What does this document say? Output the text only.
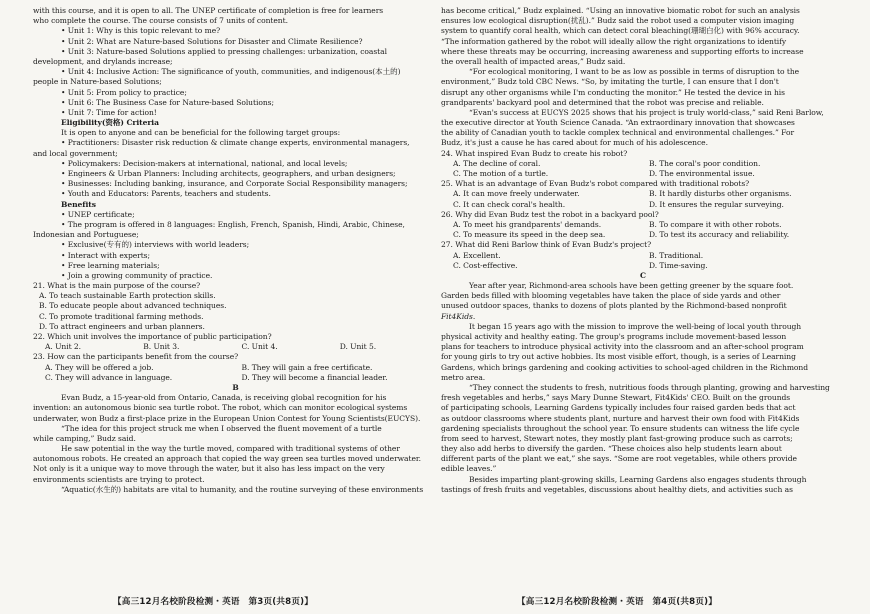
with this course, and it is open to all. The UNEP certificate of completion is free for learners

who complete the course. The course consists of 7 units of content.

• Unit 1: Why is this topic relevant to me?

• Unit 2: What are Nature-based Solutions for Disaster and Climate Resilience?

• Unit 3: Nature-based Solutions applied to pressing challenges: urbanization, coastal

development, and drylands increase;

• Unit 4: Inclusive Action: The significance of youth, communities, and indigenous(本土的)

people in Nature-based Solutions;

• Unit 5: From policy to practice;

• Unit 6: The Business Case for Nature-based Solutions;

• Unit 7: Time for action!

Eligibility(资格) Criteria

It is open to anyone and can be beneficial for the following target groups:

• Practitioners: Disaster risk reduction & climate change experts, environmental managers,

and local government;

• Policymakers: Decision-makers at international, national, and local levels;

• Engineers & Urban Planners: Including architects, geographers, and urban designers;

• Businesses: Including banking, insurance, and Corporate Social Responsibility managers;

• Youth and Educators: Parents, teachers and students.

Benefits

• UNEP certificate;

• The program is offered in 8 languages: English, French, Spanish, Hindi, Arabic, Chinese,

Indonesian and Portuguese;

• Exclusive(专有的) interviews with world leaders;

• Interact with experts;

• Free learning materials;

• Join a growing community of practice.

21. What is the main purpose of the course?

A. To teach sustainable Earth protection skills.

B. To educate people about advanced techniques.

C. To promote traditional farming methods.

D. To attract engineers and urban planners.

22. Which unit involves the importance of public participation?

A. Unit 2.	B. Unit 3.	C. Unit 4.	D. Unit 5.

23. How can the participants benefit from the course?

A. They will be offered a job.	B. They will gain a free certificate.
C. They will advance in language.	D. They will become a financial leader.

B

Evan Budz, a 15-year-old from Ontario, Canada, is receiving global recognition for his

invention: an autonomous bionic sea turtle robot. The robot, which can monitor ecological systems

underwater, won Budz a first-place prize in the European Union Contest for Young Scientists(EUCYS).

“The idea for this project struck me when I observed the fluent movement of a turtle

while camping,” Budz said.

He saw potential in the way the turtle moved, compared with traditional systems of other

autonomous robots. He created an approach that copied the way green sea turtles moved underwater.

Not only is it a unique way to move through the water, but it also has less impact on the very

environments scientists are trying to protect.

“Aquatic(水生的) habitats are vital to humanity, and the routine surveying of these environments

has become critical,” Budz explained. “Using an innovative biomatic robot for such an analysis

ensures low ecological disruption(扰乱).” Budz said the robot used a computer vision imaging

system to quantify coral health, which can detect coral bleaching(珊瑚白化) with 96% accuracy.

“The information gathered by the robot will ideally allow the right organizations to identify

where these threats may be occurring, increasing awareness and supporting efforts to increase

the overall health of impacted areas,” Budz said.

“For ecological monitoring, I want to be as low as possible in terms of disruption to the

environment,” Budz told CBC News. “So, by imitating the turtle, I can ensure that I don't

disrupt any other organisms while I'm conducting the monitor.” He tested the device in his

grandparents' backyard pool and determined that the robot was precise and reliable.

“Evan's success at EUCYS 2025 shows that his project is truly world-class,” said Reni Barlow,

the executive director at Youth Science Canada. “An extraordinary innovation that showcases

the ability of Canadian youth to tackle complex technical and environmental challenges.” For

Budz, it's just a cause he has cared about for much of his adolescence.

24. What inspired Evan Budz to create his robot?

A. The decline of coral.	B. The coral's poor condition.
C. The motion of a turtle.	D. The environmental issue.

25. What is an advantage of Evan Budz's robot compared with traditional robots?

A. It can move freely underwater.	B. It hardly disturbs other organisms.
C. It can check coral's health.	D. It ensures the regular surveying.

26. Why did Evan Budz test the robot in a backyard pool?

A. To meet his grandparents' demands.	B. To compare it with other robots.
C. To measure its speed in the deep sea.	D. To test its accuracy and reliability.

27. What did Reni Barlow think of Evan Budz's project?

A. Excellent.	B. Traditional.
C. Cost-effective.	D. Time-saving.

C

Year after year, Richmond-area schools have been getting greener by the square foot.

Garden beds filled with blooming vegetables have taken the place of side yards and other

unused outdoor spaces, thanks to dozens of plots planted by the Richmond-based nonprofit

Fit4Kids.

It began 15 years ago with the mission to improve the well-being of local youth through

physical activity and healthy eating. The group's programs include movement-based lesson

plans for teachers to introduce physical activity into the classroom and an after-school program

for young girls to try out active hobbies. Its most visible effort, though, is a series of Learning

Gardens, which brings gardening and cooking activities to school-aged children in the Richmond

metro area.

“They connect the students to fresh, nutritious foods through planting, growing and harvesting

fresh vegetables and herbs,” says Mary Dunne Stewart, Fit4Kids' CEO. Built on the grounds

of participating schools, Learning Gardens typically includes four raised garden beds that act

as outdoor classrooms where students plant, nurture and harvest their own food with Fit4Kids

gardening specialists throughout the school year. To ensure students can witness the life cycle

from seed to harvest, Stewart notes, they mostly plant fast-growing produce such as carrots;

they also add herbs to diversify the garden. “These choices also help students learn about

different parts of the plant we eat,” she says. “Some are root vegetables, while others provide

edible leaves.”

Besides imparting plant-growing skills, Learning Gardens also engages students through

tastings of fresh fruits and vegetables, discussions about healthy diets, and activities such as

【高三12月名校阶段检测・英语　第3页(共8页)】	【高三12月名校阶段检测・英语　第4页(共8页)】
